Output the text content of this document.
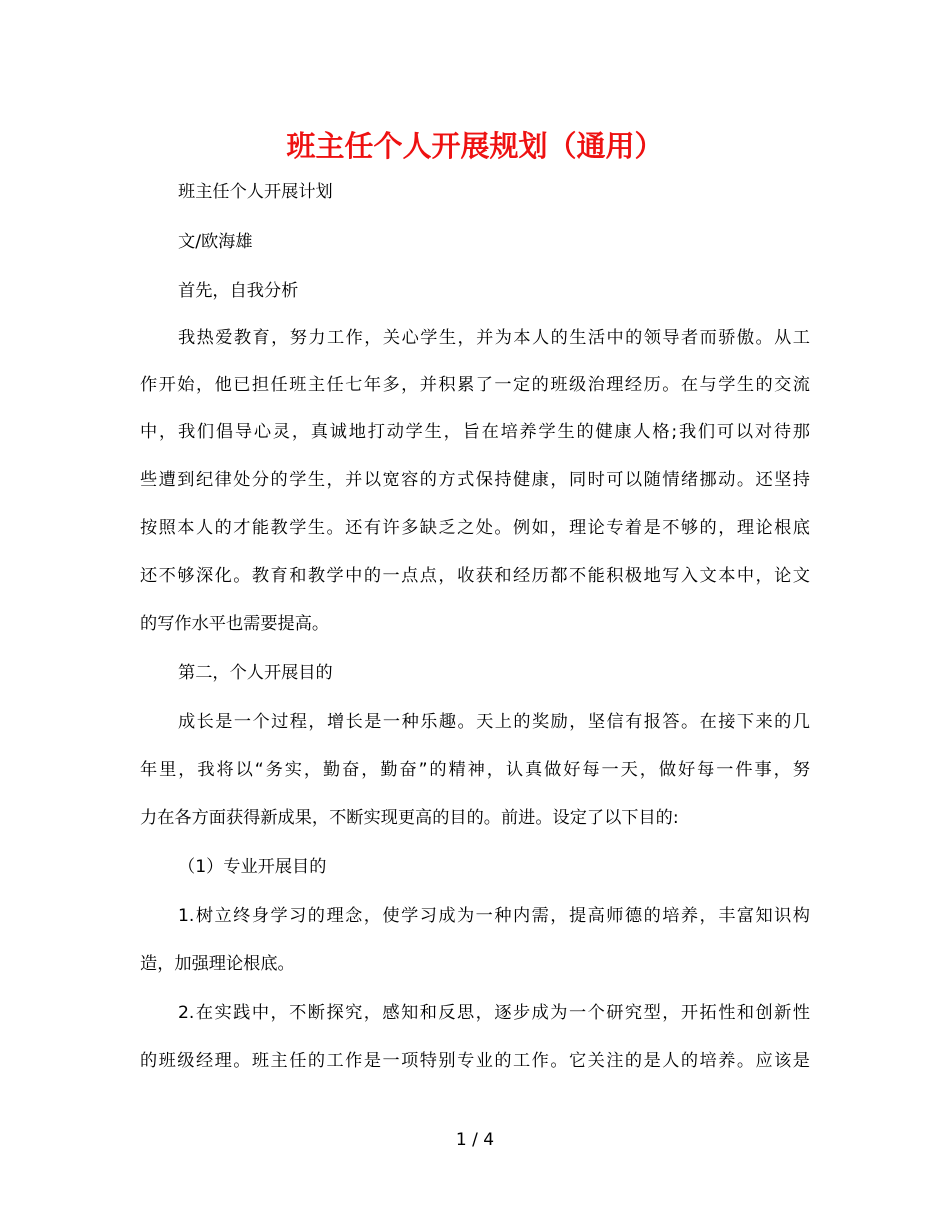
班主任个人开展规划（通用）
班主任个人开展计划
文/欧海雄
首先，自我分析
我热爱教育，努力工作，关心学生，并为本人的生活中的领导者而骄傲。从工
作开始，他已担任班主任七年多，并积累了一定的班级治理经历。在与学生的交流
中，我们倡导心灵，真诚地打动学生，旨在培养学生的健康人格;我们可以对待那
些遭到纪律处分的学生，并以宽容的方式保持健康，同时可以随情绪挪动。还坚持
按照本人的才能教学生。还有许多缺乏之处。例如，理论专着是不够的，理论根底
还不够深化。教育和教学中的一点点，收获和经历都不能积极地写入文本中，论文
的写作水平也需要提高。
第二，个人开展目的
成长是一个过程，增长是一种乐趣。天上的奖励，坚信有报答。在接下来的几
年里，我将以“务实，勤奋，勤奋”的精神，认真做好每一天，做好每一件事，努
力在各方面获得新成果，不断实现更高的目的。前进。设定了以下目的:
（1）专业开展目的
1.树立终身学习的理念，使学习成为一种内需，提高师德的培养，丰富知识构
造，加强理论根底。
2.在实践中，不断探究，感知和反思，逐步成为一个研究型，开拓性和创新性
的班级经理。班主任的工作是一项特别专业的工作。它关注的是人的培养。应该是
1 / 4
